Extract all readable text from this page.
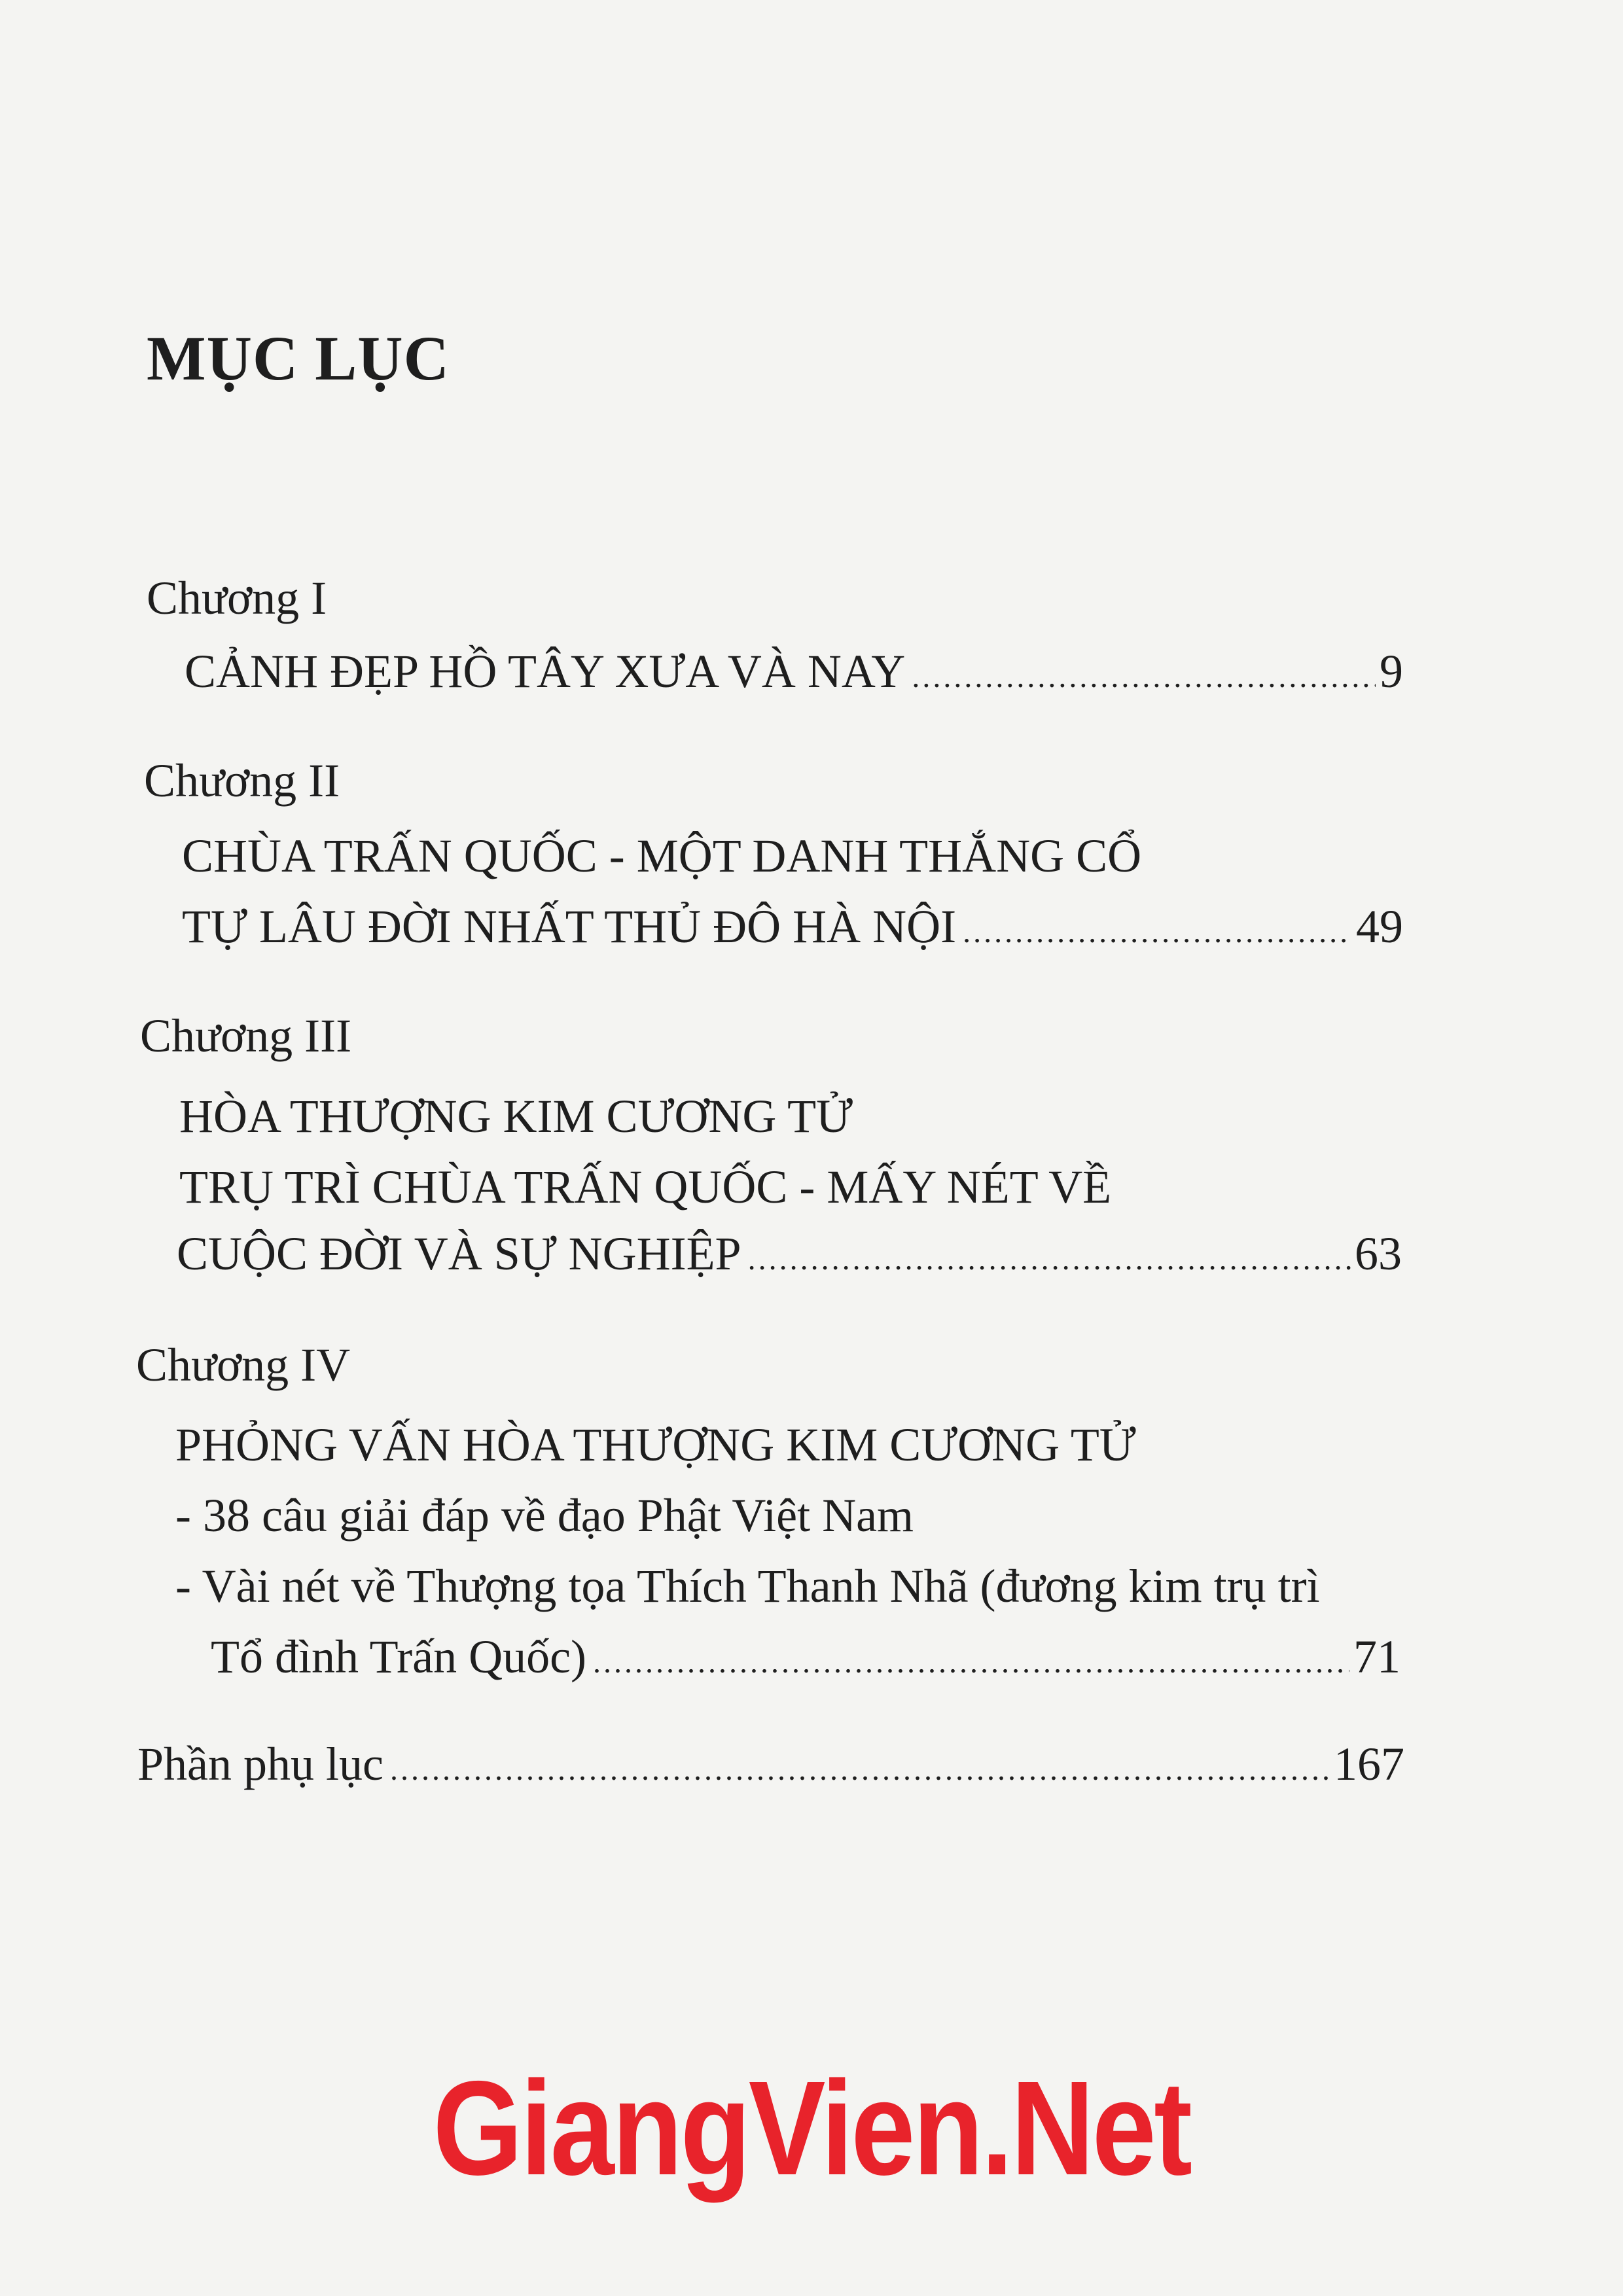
MỤC LỤC
Chương I
CẢNH ĐẸP HỒ TÂY XƯA VÀ NAY .....	9
Chương II
CHÙA TRẤN QUỐC - MỘT DANH THẮNG CỔ
TỰ LÂU ĐỜI NHẤT THỦ ĐÔ HÀ NỘI .....	49
Chương III
HÒA THƯỢNG KIM CƯƠNG TỬ
TRỤ TRÌ CHÙA TRẤN QUỐC - MẤY NÉT VỀ
CUỘC ĐỜI VÀ SỰ NGHIỆP .....	63
Chương IV
PHỎNG VẤN HÒA THƯỢNG KIM CƯƠNG TỬ
- 38 câu giải đáp về đạo Phật Việt Nam
- Vài nét về Thượng tọa Thích Thanh Nhã (đương kim trụ trì
Tổ đình Trấn Quốc) .....	71
Phần phụ lục .....	167
GiangVien.Net
